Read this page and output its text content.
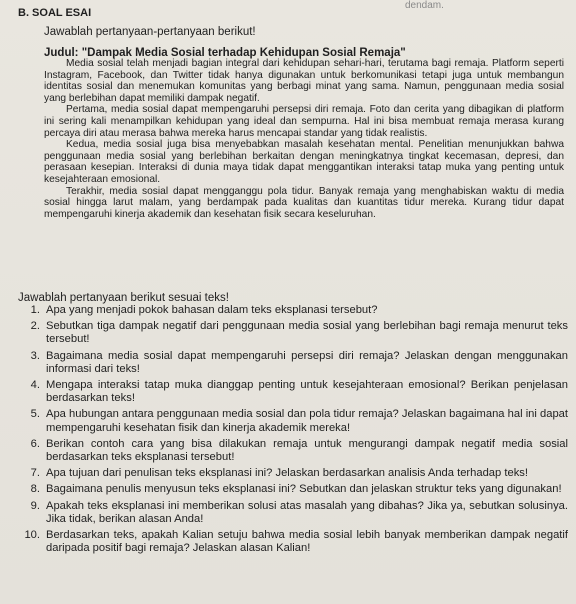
dendam.
B. SOAL ESAI
Jawablah pertanyaan-pertanyaan berikut!
Judul: "Dampak Media Sosial terhadap Kehidupan Sosial Remaja"

Media sosial telah menjadi bagian integral dari kehidupan sehari-hari, terutama bagi remaja. Platform seperti Instagram, Facebook, dan Twitter tidak hanya digunakan untuk berkomunikasi tetapi juga untuk membangun identitas sosial dan menemukan komunitas yang berbagi minat yang sama. Namun, penggunaan media sosial yang berlebihan dapat memiliki dampak negatif.

Pertama, media sosial dapat mempengaruhi persepsi diri remaja. Foto dan cerita yang dibagikan di platform ini sering kali menampilkan kehidupan yang ideal dan sempurna. Hal ini bisa membuat remaja merasa kurang percaya diri atau merasa bahwa mereka harus mencapai standar yang tidak realistis.

Kedua, media sosial juga bisa menyebabkan masalah kesehatan mental. Penelitian menunjukkan bahwa penggunaan media sosial yang berlebihan berkaitan dengan meningkatnya tingkat kecemasan, depresi, dan perasaan kesepian. Interaksi di dunia maya tidak dapat menggantikan interaksi tatap muka yang penting untuk kesejahteraan emosional.

Terakhir, media sosial dapat mengganggu pola tidur. Banyak remaja yang menghabiskan waktu di media sosial hingga larut malam, yang berdampak pada kualitas dan kuantitas tidur mereka. Kurang tidur dapat mempengaruhi kinerja akademik dan kesehatan fisik secara keseluruhan.

Jawablah pertanyaan berikut sesuai teks!
1. Apa yang menjadi pokok bahasan dalam teks eksplanasi tersebut?
2. Sebutkan tiga dampak negatif dari penggunaan media sosial yang berlebihan bagi remaja menurut teks tersebut!
3. Bagaimana media sosial dapat mempengaruhi persepsi diri remaja? Jelaskan dengan menggunakan informasi dari teks!
4. Mengapa interaksi tatap muka dianggap penting untuk kesejahteraan emosional? Berikan penjelasan berdasarkan teks!
5. Apa hubungan antara penggunaan media sosial dan pola tidur remaja? Jelaskan bagaimana hal ini dapat mempengaruhi kesehatan fisik dan kinerja akademik mereka!
6. Berikan contoh cara yang bisa dilakukan remaja untuk mengurangi dampak negatif media sosial berdasarkan teks eksplanasi tersebut!
7. Apa tujuan dari penulisan teks eksplanasi ini? Jelaskan berdasarkan analisis Anda terhadap teks!
8. Bagaimana penulis menyusun teks eksplanasi ini? Sebutkan dan jelaskan struktur teks yang digunakan!
9. Apakah teks eksplanasi ini memberikan solusi atas masalah yang dibahas? Jika ya, sebutkan solusinya. Jika tidak, berikan alasan Anda!
10. Berdasarkan teks, apakah Kalian setuju bahwa media sosial lebih banyak memberikan dampak negatif daripada positif bagi remaja? Jelaskan alasan Kalian!
